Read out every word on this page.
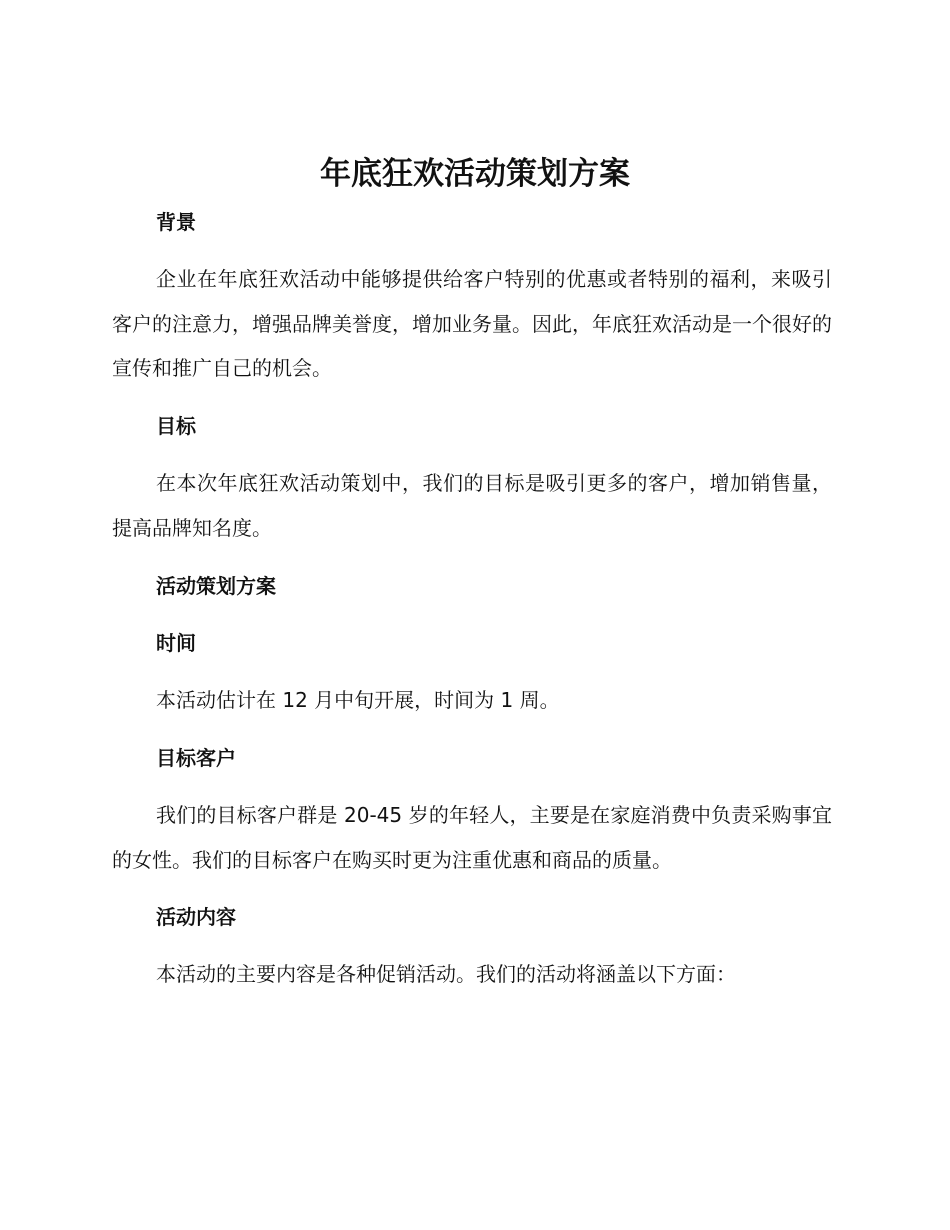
年底狂欢活动策划方案
背景

企业在年底狂欢活动中能够提供给客户特别的优惠或者特别的福利，来吸引客户的注意力，增强品牌美誉度，增加业务量。因此，年底狂欢活动是一个很好的宣传和推广自己的机会。

目标

在本次年底狂欢活动策划中，我们的目标是吸引更多的客户，增加销售量，提高品牌知名度。

活动策划方案
时间

本活动估计在 12 月中旬开展，时间为 1 周。

目标客户

我们的目标客户群是 20-45 岁的年轻人，主要是在家庭消费中负责采购事宜的女性。我们的目标客户在购买时更为注重优惠和商品的质量。

活动内容

本活动的主要内容是各种促销活动。我们的活动将涵盖以下方面：
